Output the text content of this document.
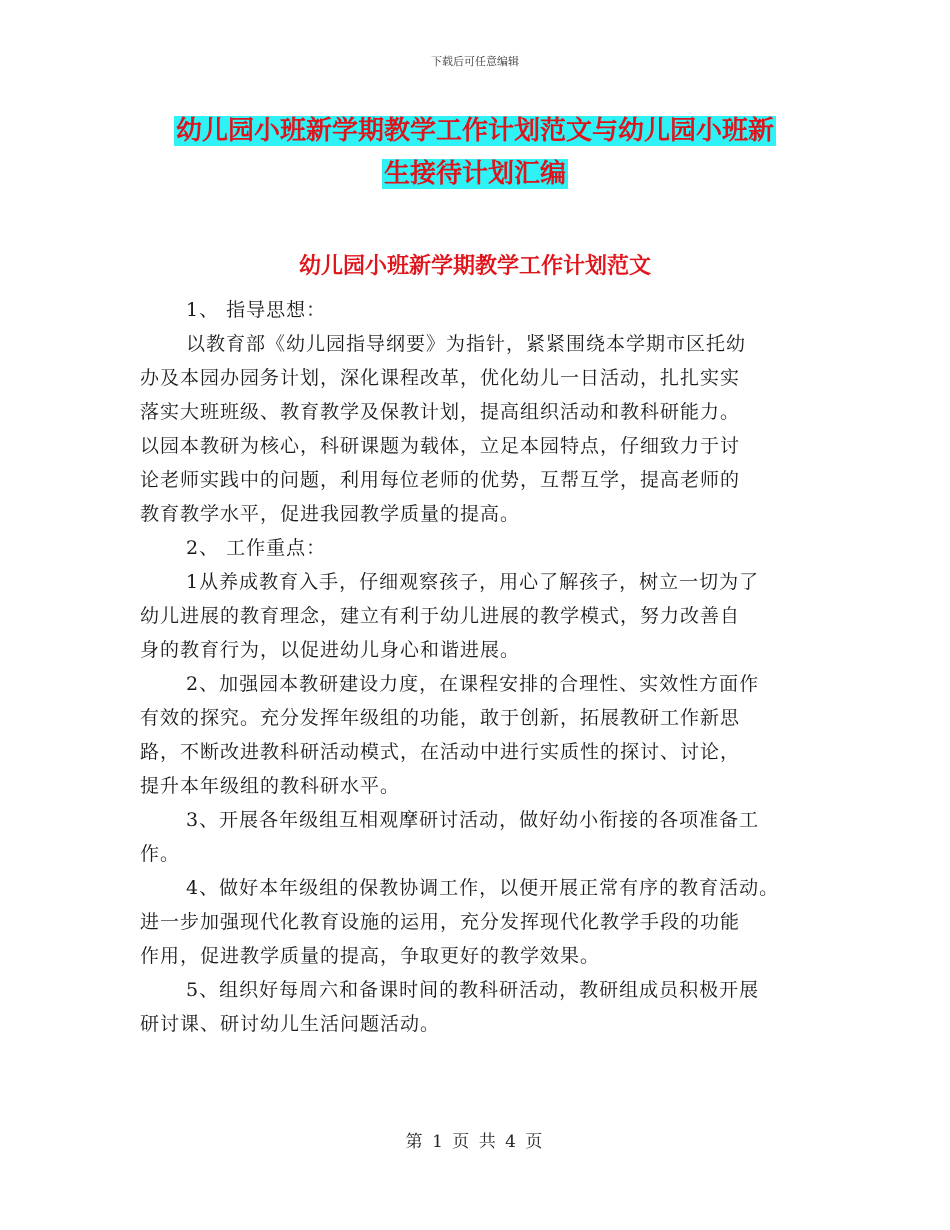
下载后可任意编辑
幼儿园小班新学期教学工作计划范文与幼儿园小班新
生接待计划汇编
幼儿园小班新学期教学工作计划范文

1、 指导思想：

以教育部《幼儿园指导纲要》为指针，紧紧围绕本学期市区托幼

办及本园办园务计划，深化课程改革，优化幼儿一日活动，扎扎实实

落实大班班级、教育教学及保教计划，提高组织活动和教科研能力。

以园本教研为核心，科研课题为载体，立足本园特点，仔细致力于讨

论老师实践中的问题，利用每位老师的优势，互帮互学，提高老师的

教育教学水平，促进我园教学质量的提高。

2、 工作重点：

1从养成教育入手，仔细观察孩子，用心了解孩子，树立一切为了

幼儿进展的教育理念，建立有利于幼儿进展的教学模式，努力改善自

身的教育行为，以促进幼儿身心和谐进展。

2、加强园本教研建设力度，在课程安排的合理性、实效性方面作

有效的探究。充分发挥年级组的功能，敢于创新，拓展教研工作新思

路，不断改进教科研活动模式，在活动中进行实质性的探讨、讨论，

提升本年级组的教科研水平。

3、开展各年级组互相观摩研讨活动，做好幼小衔接的各项准备工

作。

4、做好本年级组的保教协调工作，以便开展正常有序的教育活动。

进一步加强现代化教育设施的运用，充分发挥现代化教学手段的功能

作用，促进教学质量的提高，争取更好的教学效果。

5、组织好每周六和备课时间的教科研活动，教研组成员积极开展

研讨课、研讨幼儿生活问题活动。

第 1 页 共 4 页
